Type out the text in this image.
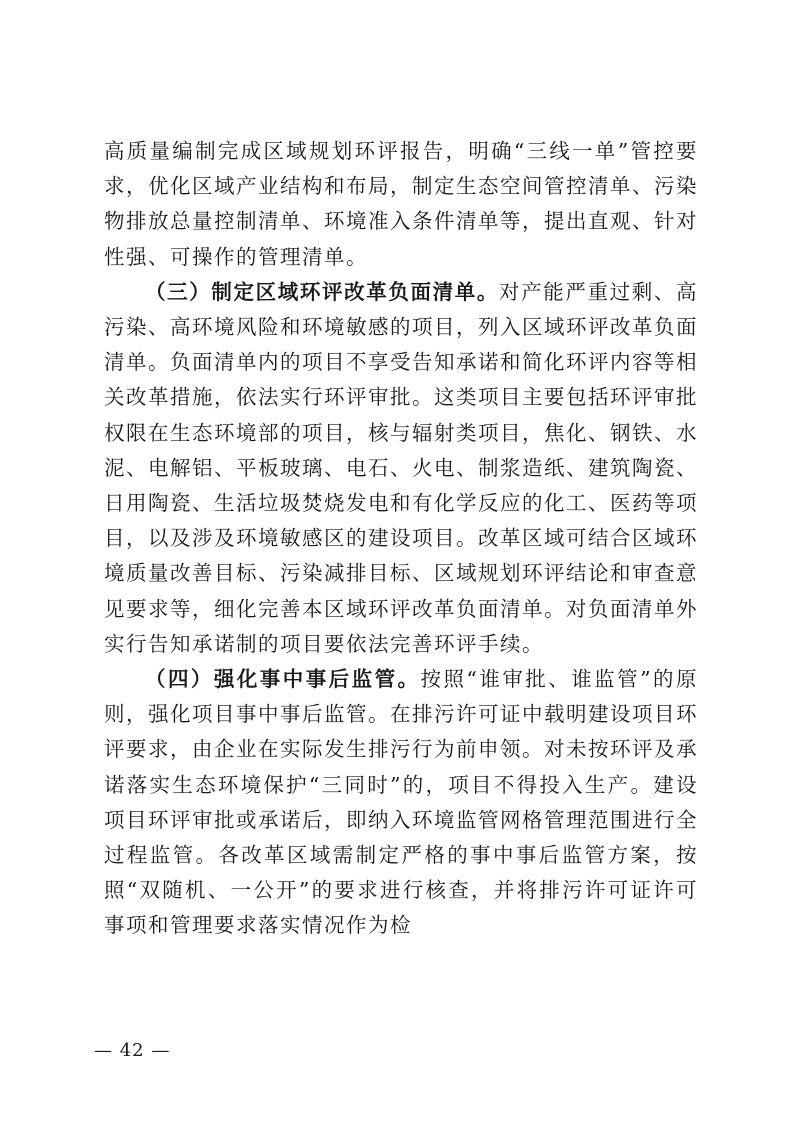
高质量编制完成区域规划环评报告，明确“三线一单”管控要求，优化区域产业结构和布局，制定生态空间管控清单、污染物排放总量控制清单、环境准入条件清单等，提出直观、针对性强、可操作的管理清单。

（三）制定区域环评改革负面清单。对产能严重过剩、高污染、高环境风险和环境敏感的项目，列入区域环评改革负面清单。负面清单内的项目不享受告知承诺和简化环评内容等相关改革措施，依法实行环评审批。这类项目主要包括环评审批权限在生态环境部的项目，核与辐射类项目，焦化、钢铁、水泥、电解铝、平板玻璃、电石、火电、制浆造纸、建筑陶瓷、日用陶瓷、生活垃圾焚烧发电和有化学反应的化工、医药等项目，以及涉及环境敏感区的建设项目。改革区域可结合区域环境质量改善目标、污染减排目标、区域规划环评结论和审查意见要求等，细化完善本区域环评改革负面清单。对负面清单外实行告知承诺制的项目要依法完善环评手续。

（四）强化事中事后监管。按照“谁审批、谁监管”的原则，强化项目事中事后监管。在排污许可证中载明建设项目环评要求，由企业在实际发生排污行为前申领。对未按环评及承诺落实生态环境保护“三同时”的，项目不得投入生产。建设项目环评审批或承诺后，即纳入环境监管网格管理范围进行全过程监管。各改革区域需制定严格的事中事后监管方案，按照“双随机、一公开”的要求进行核查，并将排污许可证许可事项和管理要求落实情况作为检

— 42 —
